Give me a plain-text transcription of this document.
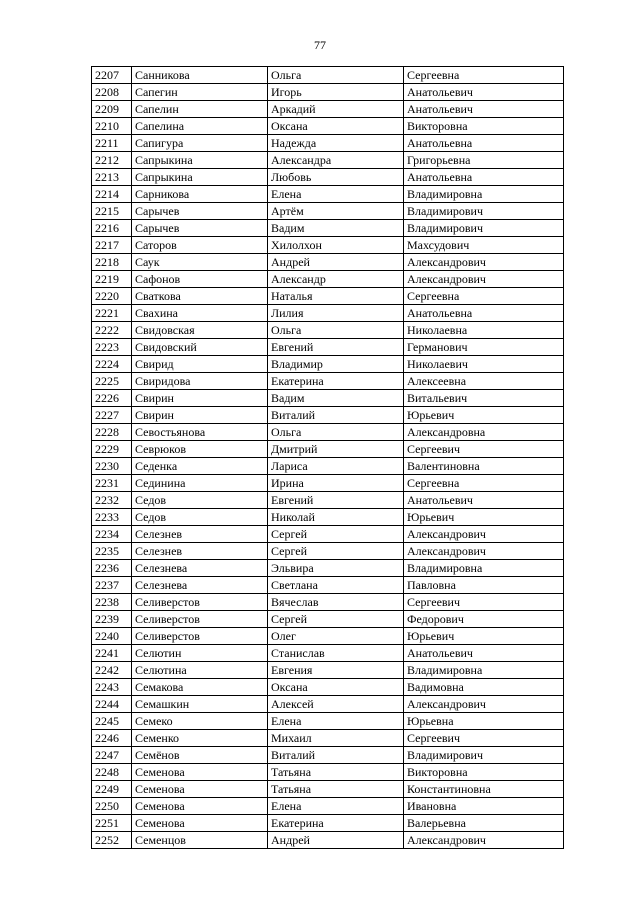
77
2207	Санникова	Ольга	Сергеевна
2208	Сапегин	Игорь	Анатольевич
2209	Сапелин	Аркадий	Анатольевич
2210	Сапелина	Оксана	Викторовна
2211	Сапигура	Надежда	Анатольевна
2212	Сапрыкина	Александра	Григорьевна
2213	Сапрыкина	Любовь	Анатольевна
2214	Сарникова	Елена	Владимировна
2215	Сарычев	Артём	Владимирович
2216	Сарычев	Вадим	Владимирович
2217	Саторов	Хилолхон	Махсудович
2218	Саук	Андрей	Александрович
2219	Сафонов	Александр	Александрович
2220	Сваткова	Наталья	Сергеевна
2221	Свахина	Лилия	Анатольевна
2222	Свидовская	Ольга	Николаевна
2223	Свидовский	Евгений	Германович
2224	Свирид	Владимир	Николаевич
2225	Свиридова	Екатерина	Алексеевна
2226	Свирин	Вадим	Витальевич
2227	Свирин	Виталий	Юрьевич
2228	Севостьянова	Ольга	Александровна
2229	Севрюков	Дмитрий	Сергеевич
2230	Седенка	Лариса	Валентиновна
2231	Сединина	Ирина	Сергеевна
2232	Седов	Евгений	Анатольевич
2233	Седов	Николай	Юрьевич
2234	Селезнев	Сергей	Александрович
2235	Селезнев	Сергей	Александрович
2236	Селезнева	Эльвира	Владимировна
2237	Селезнева	Светлана	Павловна
2238	Селиверстов	Вячеслав	Сергеевич
2239	Селиверстов	Сергей	Федорович
2240	Селиверстов	Олег	Юрьевич
2241	Селютин	Станислав	Анатольевич
2242	Селютина	Евгения	Владимировна
2243	Семакова	Оксана	Вадимовна
2244	Семашкин	Алексей	Александрович
2245	Семеко	Елена	Юрьевна
2246	Семенко	Михаил	Сергеевич
2247	Семёнов	Виталий	Владимирович
2248	Семенова	Татьяна	Викторовна
2249	Семенова	Татьяна	Константиновна
2250	Семенова	Елена	Ивановна
2251	Семенова	Екатерина	Валерьевна
2252	Семенцов	Андрей	Александрович
